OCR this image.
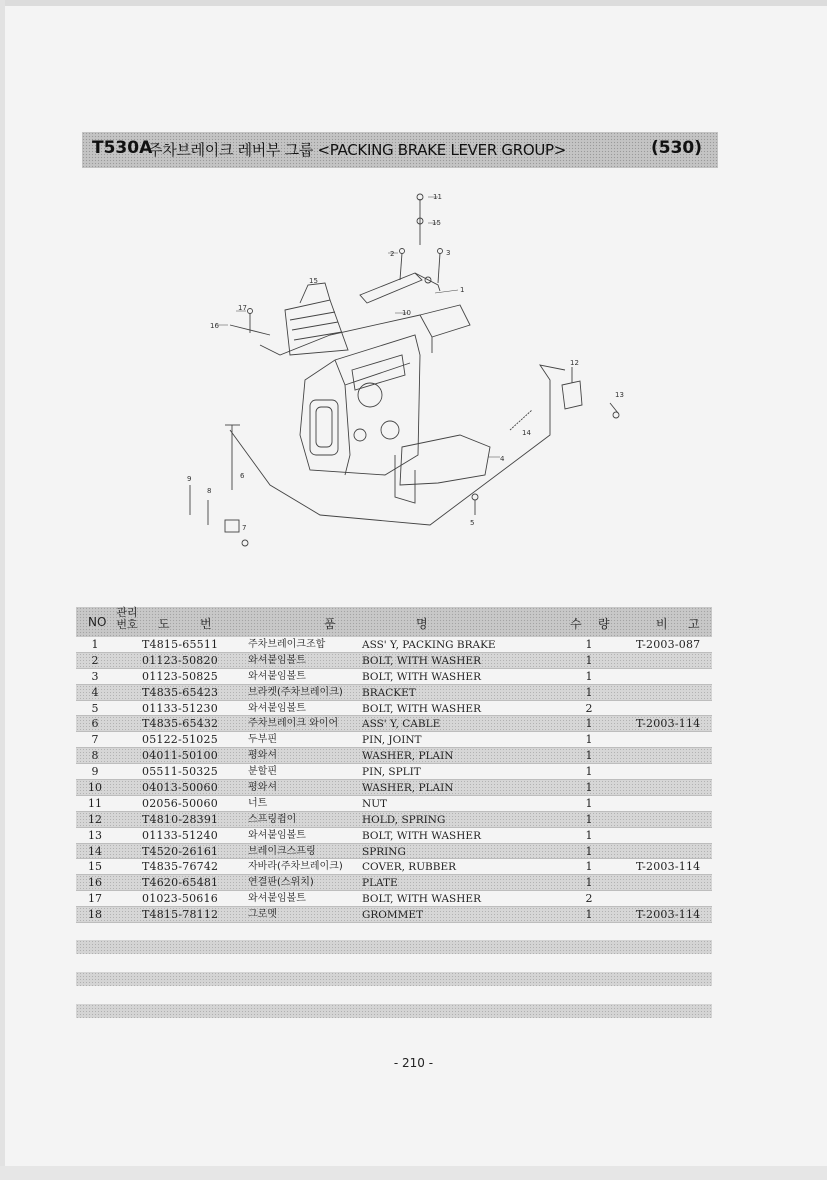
T530A
주차브레이크 레버부 그룹 <PACKING BRAKE LEVER GROUP>	(530)
1
2	3
4
5
6
7
8
9
10
11
12
13
14
15
16
17
15
NO
관리 번호	도	번	품	명	수 량	비 고
1	T4815-65511	주차브레이크조합	ASS' Y, PACKING BRAKE	1	T-2003-087
2	01123-50820	와셔붙임볼트	BOLT, WITH WASHER	1
3	01123-50825	와셔붙임볼트	BOLT, WITH WASHER	1
4	T4835-65423	브라켓(주차브레이크) BRACKET	1
5	01133-51230	와셔붙임볼트	BOLT, WITH WASHER	2
6	T4835-65432	주차브레이크 와이어 ASS' Y, CABLE	1	T-2003-114
7	05122-51025	두부핀	PIN, JOINT	1
8	04011-50100	평와셔	WASHER, PLAIN	1
9	05511-50325	분할핀	PIN, SPLIT	1
10	04013-50060	평와셔	WASHER, PLAIN	1
11	02056-50060	너트	NUT	1
12	T4810-28391	스프링쥡이	HOLD, SPRING	1
13	01133-51240	와셔붙임볼트	BOLT, WITH WASHER	1
14	T4520-26161	브레이크스프링	SPRING	1
15	T4835-76742	자바라(주차브레이크) COVER, RUBBER	1	T-2003-114
16	T4620-65481	연결판(스위치)	PLATE	1
17	01023-50616	와셔붙임볼트	BOLT, WITH WASHER	2
18	T4815-78112	그로멧	GROMMET	1	T-2003-114
- 210 -
